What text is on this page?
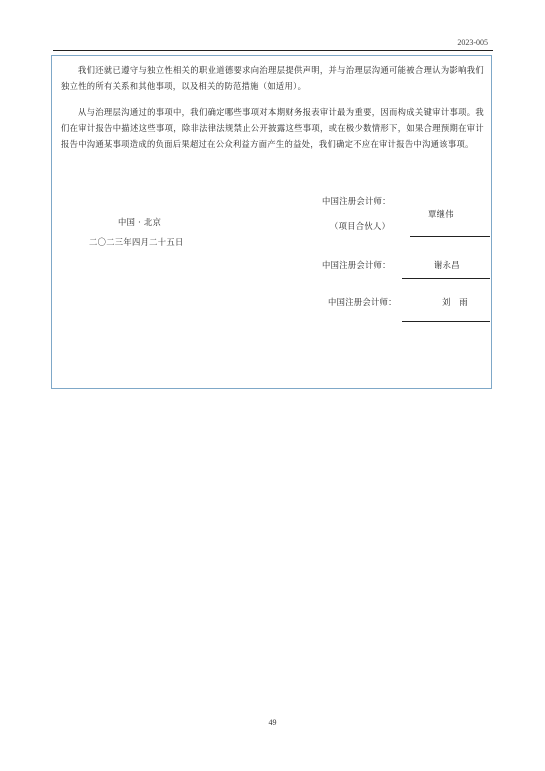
2023-005

我们还就已遵守与独立性相关的职业道德要求向治理层提供声明，并与治理层沟通可能被合理认为影响我们独立性的所有关系和其他事项，以及相关的防范措施（如适用）。

从与治理层沟通过的事项中，我们确定哪些事项对本期财务报表审计最为重要，因而构成关键审计事项。我们在审计报告中描述这些事项，除非法律法规禁止公开披露这些事项，或在极少数情形下，如果合理预期在审计报告中沟通某事项造成的负面后果超过在公众利益方面产生的益处，我们确定不应在审计报告中沟通该事项。

中国 · 北京
二〇二三年四月二十五日
中国注册会计师：
（项目合伙人）
覃继伟
中国注册会计师：	谢永昌
中国注册会计师：	刘　雨
49
